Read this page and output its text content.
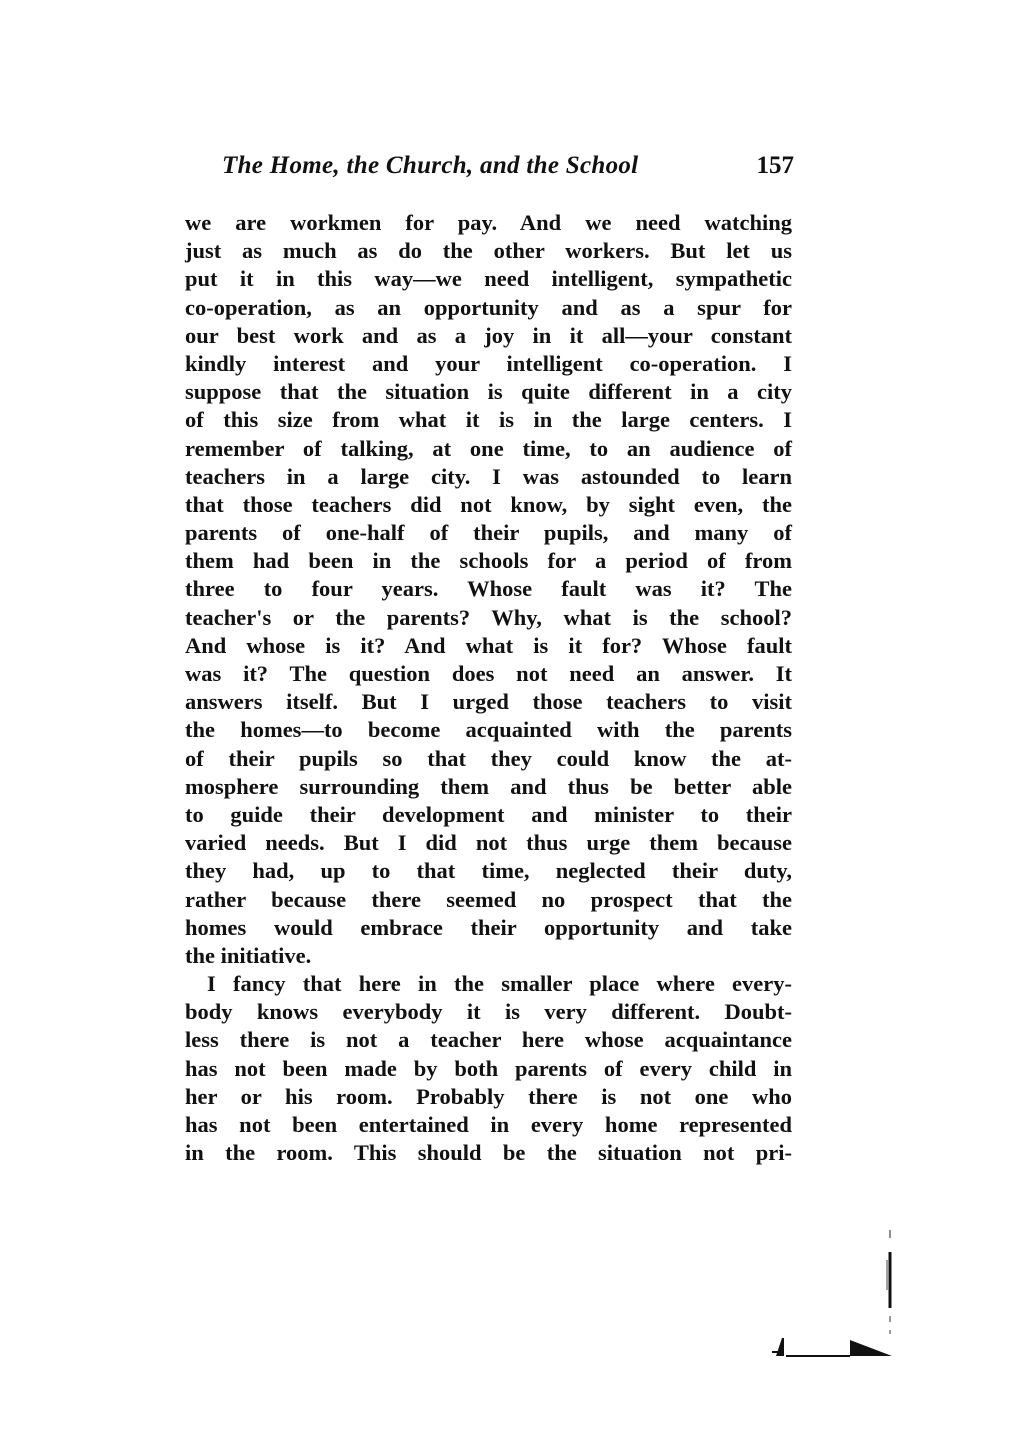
The Home, the Church, and the School	157
we are workmen for pay. And we need watching
just as much as do the other workers. But let us
put it in this way—we need intelligent, sympathetic
co-operation, as an opportunity and as a spur for
our best work and as a joy in it all—your constant
kindly interest and your intelligent co-operation. I
suppose that the situation is quite different in a city
of this size from what it is in the large centers. I
remember of talking, at one time, to an audience of
teachers in a large city. I was astounded to learn
that those teachers did not know, by sight even, the
parents of one-half of their pupils, and many of
them had been in the schools for a period of from
three to four years. Whose fault was it? The
teacher's or the parents? Why, what is the school?
And whose is it? And what is it for? Whose fault
was it? The question does not need an answer. It
answers itself. But I urged those teachers to visit
the homes—to become acquainted with the parents
of their pupils so that they could know the at-
mosphere surrounding them and thus be better able
to guide their development and minister to their
varied needs. But I did not thus urge them because
they had, up to that time, neglected their duty,
rather because there seemed no prospect that the
homes would embrace their opportunity and take
the initiative.
I fancy that here in the smaller place where every-
body knows everybody it is very different. Doubt-
less there is not a teacher here whose acquaintance
has not been made by both parents of every child in
her or his room. Probably there is not one who
has not been entertained in every home represented
in the room. This should be the situation not pri-
